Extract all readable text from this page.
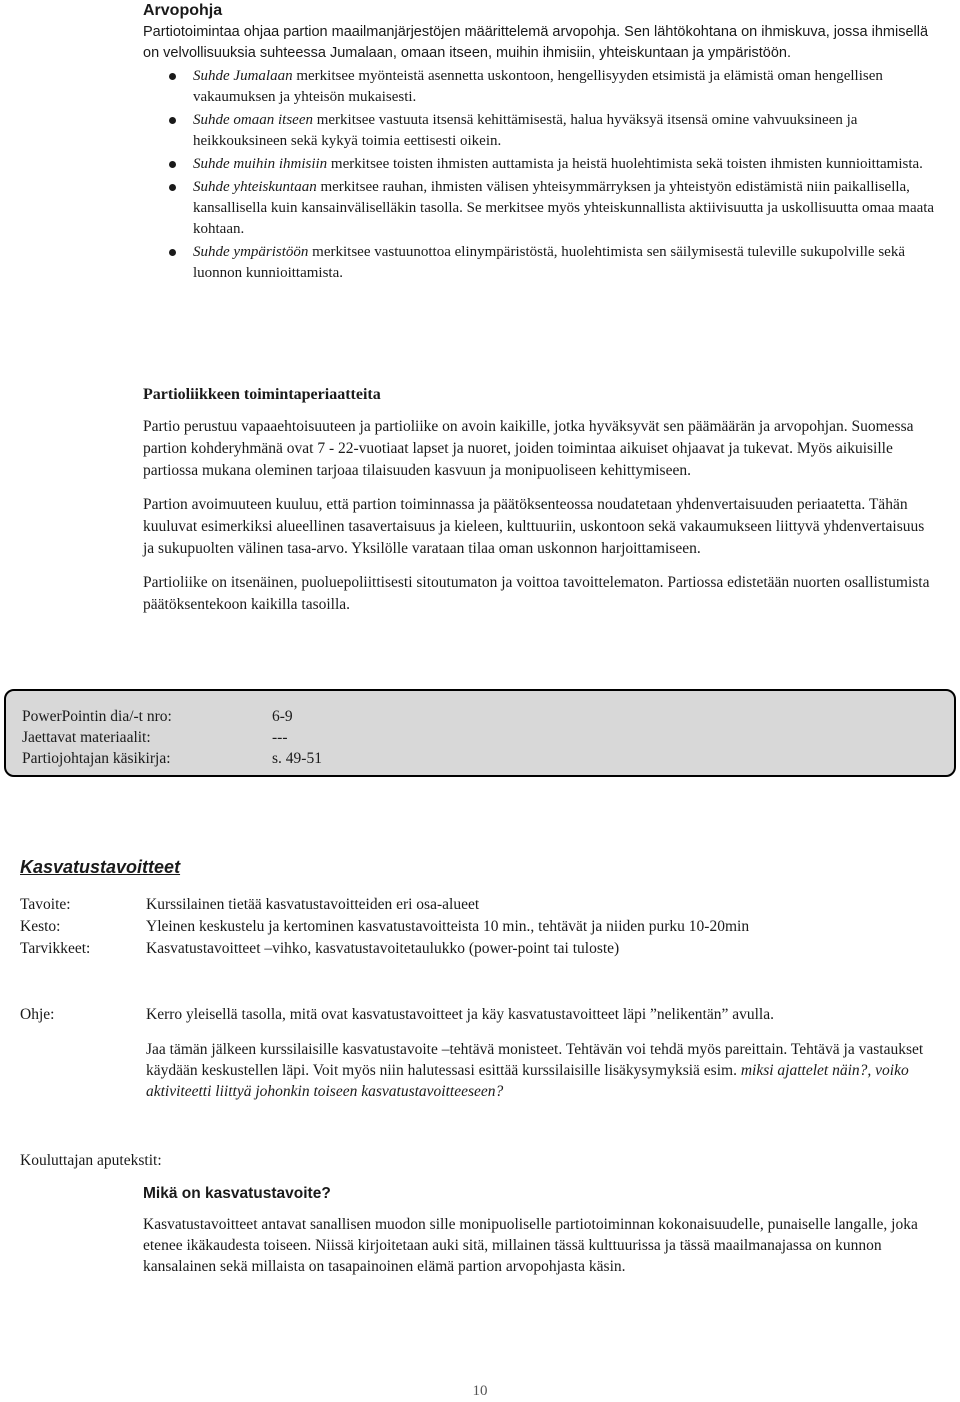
Arvopohja

Partiotoimintaa ohjaa partion maailmanjärjestöjen määrittelemä arvopohja. Sen lähtökohtana on ihmiskuva, jossa ihmisellä on velvollisuuksia suhteessa Jumalaan, omaan itseen, muihin ihmisiin, yhteiskuntaan ja ympäristöön.

Suhde Jumalaan merkitsee myönteistä asennetta uskontoon, hengellisyyden etsimistä ja elämistä oman hengellisen vakaumuksen ja yhteisön mukaisesti.
Suhde omaan itseen merkitsee vastuuta itsensä kehittämisestä, halua hyväksyä itsensä omine vahvuuksineen ja heikkouksineen sekä kykyä toimia eettisesti oikein.
Suhde muihin ihmisiin merkitsee toisten ihmisten auttamista ja heistä huolehtimista sekä toisten ihmisten kunnioittamista.
Suhde yhteiskuntaan merkitsee rauhan, ihmisten välisen yhteisymmärryksen ja yhteistyön edistämistä niin paikallisella, kansallisella kuin kansainväliselläkin tasolla. Se merkitsee myös yhteiskunnallista aktiivisuutta ja uskollisuutta omaa maata kohtaan.
Suhde ympäristöön merkitsee vastuunottoa elinympäristöstä, huolehtimista sen säilymisestä tuleville sukupolville sekä luonnon kunnioittamista.
Partioliikkeen toimintaperiaatteita

Partio perustuu vapaaehtoisuuteen ja partioliike on avoin kaikille, jotka hyväksyvät sen päämäärän ja arvopohjan. Suomessa partion kohderyhmänä ovat 7 - 22-vuotiaat lapset ja nuoret, joiden toimintaa aikuiset ohjaavat ja tukevat. Myös aikuisille partiossa mukana oleminen tarjoaa tilaisuuden kasvuun ja monipuoliseen kehittymiseen.

Partion avoimuuteen kuuluu, että partion toiminnassa ja päätöksenteossa noudatetaan yhdenvertaisuuden periaatetta. Tähän kuuluvat esimerkiksi alueellinen tasavertaisuus ja kieleen, kulttuuriin, uskontoon sekä vakaumukseen liittyvä yhdenvertaisuus ja sukupuolten välinen tasa-arvo. Yksilölle varataan tilaa oman uskonnon harjoittamiseen.

Partioliike on itsenäinen, puoluepoliittisesti sitoutumaton ja voittoa tavoittelematon. Partiossa edistetään nuorten osallistumista päätöksentekoon kaikilla tasoilla.

PowerPointin dia/-t nro:	6-9
Jaettavat materiaalit:	---
Partiojohtajan käsikirja:	s. 49-51
Kasvatustavoitteet
Tavoite:	Kurssilainen tietää kasvatustavoitteiden eri osa-alueet
Kesto:	Yleinen keskustelu ja kertominen kasvatustavoitteista 10 min., tehtävät ja niiden purku 10-20min
Tarvikkeet:	Kasvatustavoitteet –vihko, kasvatustavoitetaulukko (power-point tai tuloste)
Ohje:	Kerro yleisellä tasolla, mitä ovat kasvatustavoitteet ja käy kasvatustavoitteet läpi ”nelikentän” avulla.

Jaa tämän jälkeen kurssilaisille kasvatustavoite –tehtävä monisteet. Tehtävän voi tehdä myös pareittain. Tehtävä ja vastaukset käydään keskustellen läpi. Voit myös niin halutessasi esittää kurssilaisille lisäkysymyksiä esim. miksi ajattelet näin?, voiko aktiviteetti liittyä johonkin toiseen kasvatustavoitteeseen?

Kouluttajan aputekstit:

Mikä on kasvatustavoite?

Kasvatustavoitteet antavat sanallisen muodon sille monipuoliselle partiotoiminnan kokonaisuudelle, punaiselle langalle, joka etenee ikäkaudesta toiseen. Niissä kirjoitetaan auki sitä, millainen tässä kulttuurissa ja tässä maailmanajassa on kunnon kansalainen sekä millaista on tasapainoinen elämä partion arvopohjasta käsin.

10
